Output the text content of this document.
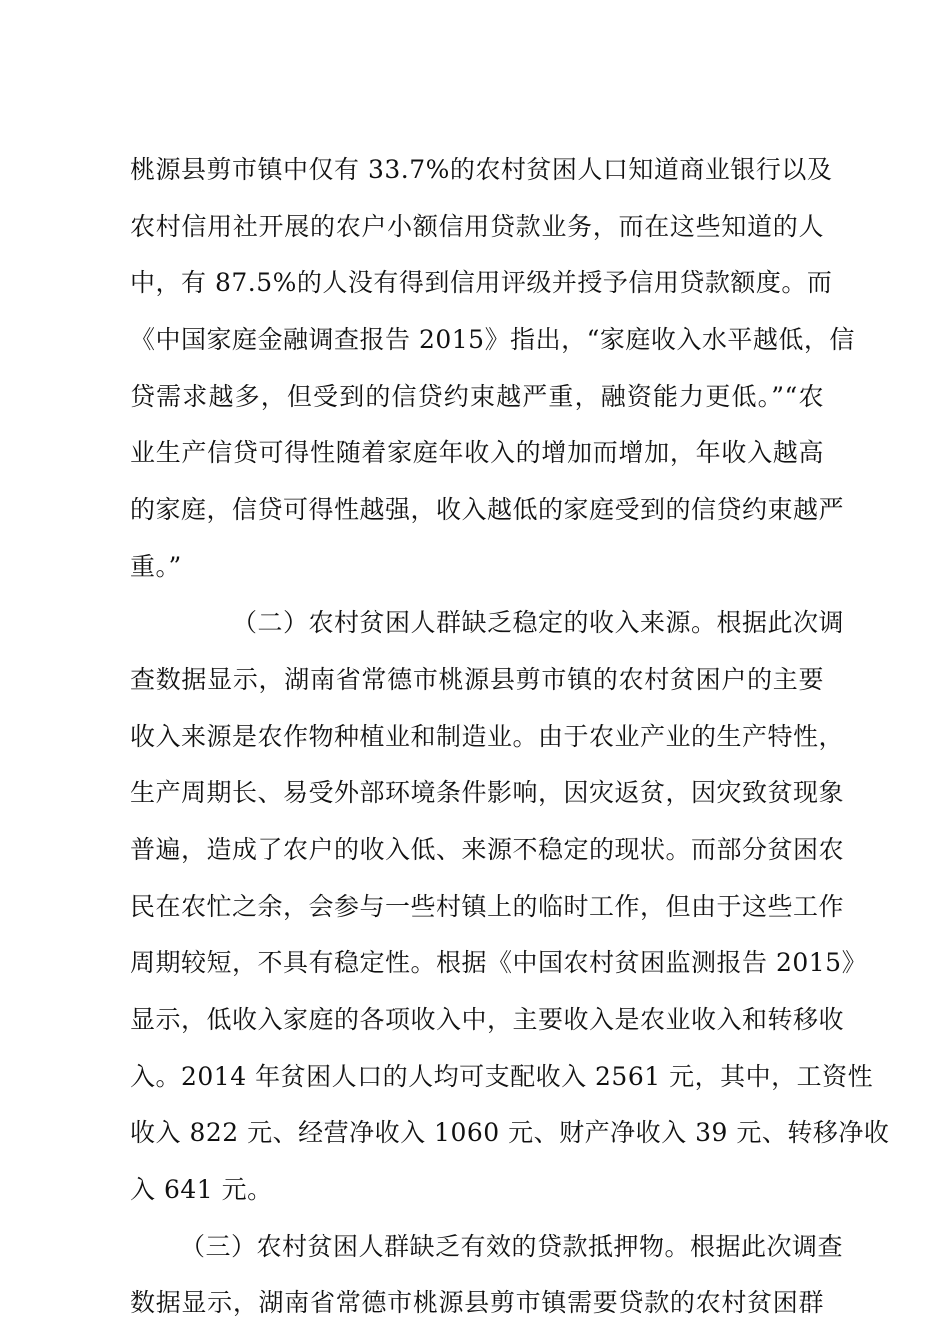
桃源县剪市镇中仅有 33.7%的农村贫困人口知道商业银行以及
农村信用社开展的农户小额信用贷款业务，而在这些知道的人
中，有 87.5%的人没有得到信用评级并授予信用贷款额度。而
《中国家庭金融调查报告 2015》指出，“家庭收入水平越低，信
贷需求越多，但受到的信贷约束越严重，融资能力更低。”“农
业生产信贷可得性随着家庭年收入的增加而增加，年收入越高
的家庭，信贷可得性越强，收入越低的家庭受到的信贷约束越严
重。”
（二）农村贫困人群缺乏稳定的收入来源。根据此次调
查数据显示，湖南省常德市桃源县剪市镇的农村贫困户的主要
收入来源是农作物种植业和制造业。由于农业产业的生产特性，
生产周期长、易受外部环境条件影响，因灾返贫，因灾致贫现象
普遍，造成了农户的收入低、来源不稳定的现状。而部分贫困农
民在农忙之余，会参与一些村镇上的临时工作，但由于这些工作
周期较短，不具有稳定性。根据《中国农村贫困监测报告 2015》
显示，低收入家庭的各项收入中，主要收入是农业收入和转移收
入。2014 年贫困人口的人均可支配收入 2561 元，其中，工资性
收入 822 元、经营净收入 1060 元、财产净收入 39 元、转移净收
入 641 元。
（三）农村贫困人群缺乏有效的贷款抵押物。根据此次调查
数据显示，湖南省常德市桃源县剪市镇需要贷款的农村贫困群
